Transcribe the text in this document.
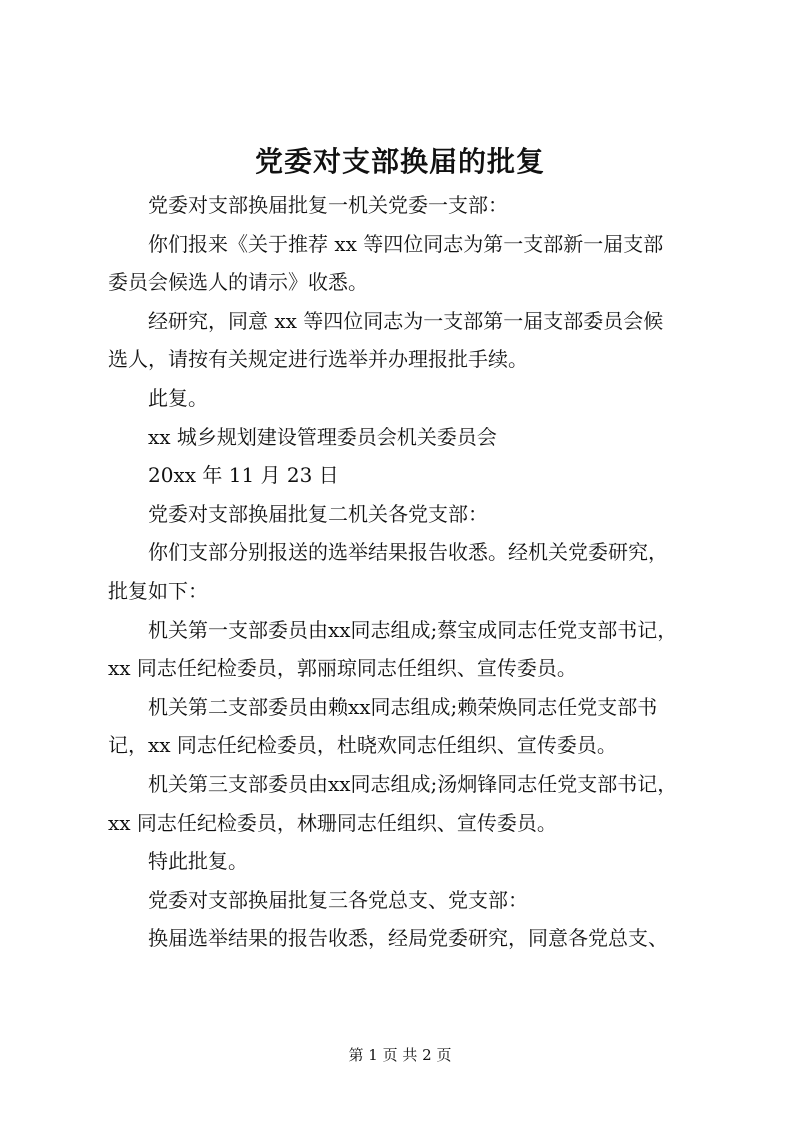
党委对支部换届的批复
党委对支部换届批复一机关党委一支部：
你们报来《关于推荐 xx 等四位同志为第一支部新一届支部
委员会候选人的请示》收悉。
经研究，同意 xx 等四位同志为一支部第一届支部委员会候
选人，请按有关规定进行选举并办理报批手续。
此复。
xx 城乡规划建设管理委员会机关委员会
20xx 年 11 月 23 日
党委对支部换届批复二机关各党支部：
你们支部分别报送的选举结果报告收悉。经机关党委研究，
批复如下：
机关第一支部委员由xx同志组成;蔡宝成同志任党支部书记，
xx 同志任纪检委员，郭丽琼同志任组织、宣传委员。
机关第二支部委员由赖xx同志组成;赖荣焕同志任党支部书
记，xx 同志任纪检委员，杜晓欢同志任组织、宣传委员。
机关第三支部委员由xx同志组成;汤炯锋同志任党支部书记，
xx 同志任纪检委员，林珊同志任组织、宣传委员。
特此批复。
党委对支部换届批复三各党总支、党支部：
换届选举结果的报告收悉，经局党委研究，同意各党总支、
第 1 页 共 2 页
